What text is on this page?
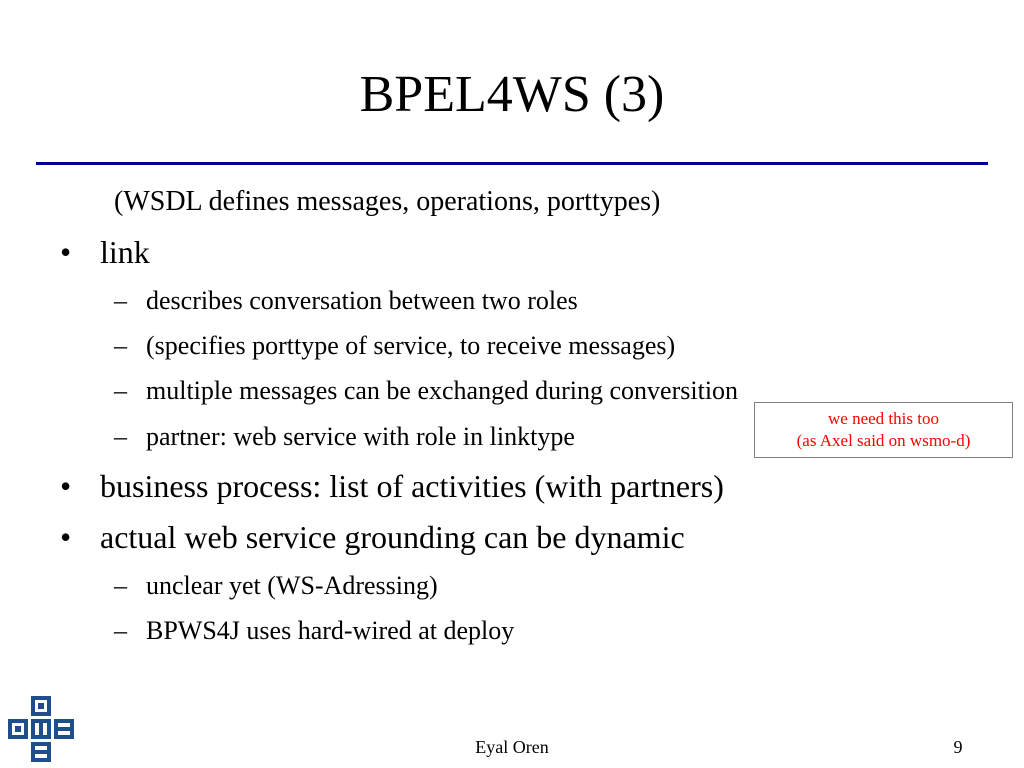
BPEL4WS (3)
(WSDL defines messages, operations, porttypes)
• link
– describes conversation between two roles
– (specifies porttype of service, to receive messages)
– multiple messages can be exchanged during conversition
– partner: web service with role in linktype
• business process: list of activities (with partners)
• actual web service grounding can be dynamic
– unclear yet (WS-Adressing)
– BPWS4J uses hard-wired at deploy
we need this too
(as Axel said on wsmo-d)
Eyal Oren	9
